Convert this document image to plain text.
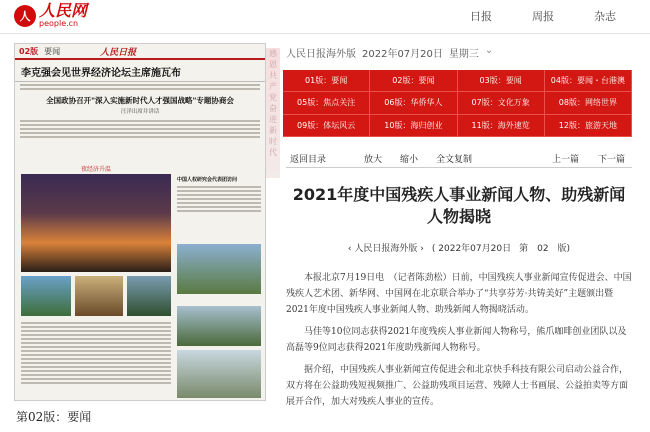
人 人民网
people.cn
日报	周报	杂志
02版 要闻	人民日报
李克强会见世界经济论坛主席施瓦布
全国政协召开"深入实施新时代人才强国战略"专题协商会
汪洋出席并讲话
夜经济升温
中国人权研究会代表团访问
第02版：要闻
感
恩
共
产
党
奋
进
新
时
代
人民日报海外版 2022年07月20日 星期三 ⌄
01版：要闻	02版：要闻	03版：要闻	04版：要闻・台港澳
05版：焦点关注	06版：华侨华人	07版：文化万象	08版：网络世界
09版：体坛风云	10版：海归创业	11版：海外速览	12版：旅游天地
返回目录	放大 缩小 全文复制	上一篇 下一篇
2021年度中国残疾人事业新闻人物、助残新闻人物揭晓
‹ 人民日报海外版 › ( 2022年07月20日 第　02　版)

本报北京7月19日电　（记者陈劲松）日前，中国残疾人事业新闻宣传促进会、中国残疾人艺术团、新华网、中国网在北京联合举办了“共享芬芳·共铸美好”主题颁出暨2021年度中国残疾人事业新闻人物、助残新闻人物揭晓活动。

马佳等10位同志获得2021年度残疾人事业新闻人物称号，熊爪咖啡创业团队以及高磊等9位同志获得2021年度助残新闻人物称号。

据介绍，中国残疾人事业新闻宣传促进会和北京快手科技有限公司启动公益合作，双方将在公益助残短视频推广、公益助残项目运营、残障人士书画展、公益拍卖等方面展开合作，加大对残疾人事业的宣传。
